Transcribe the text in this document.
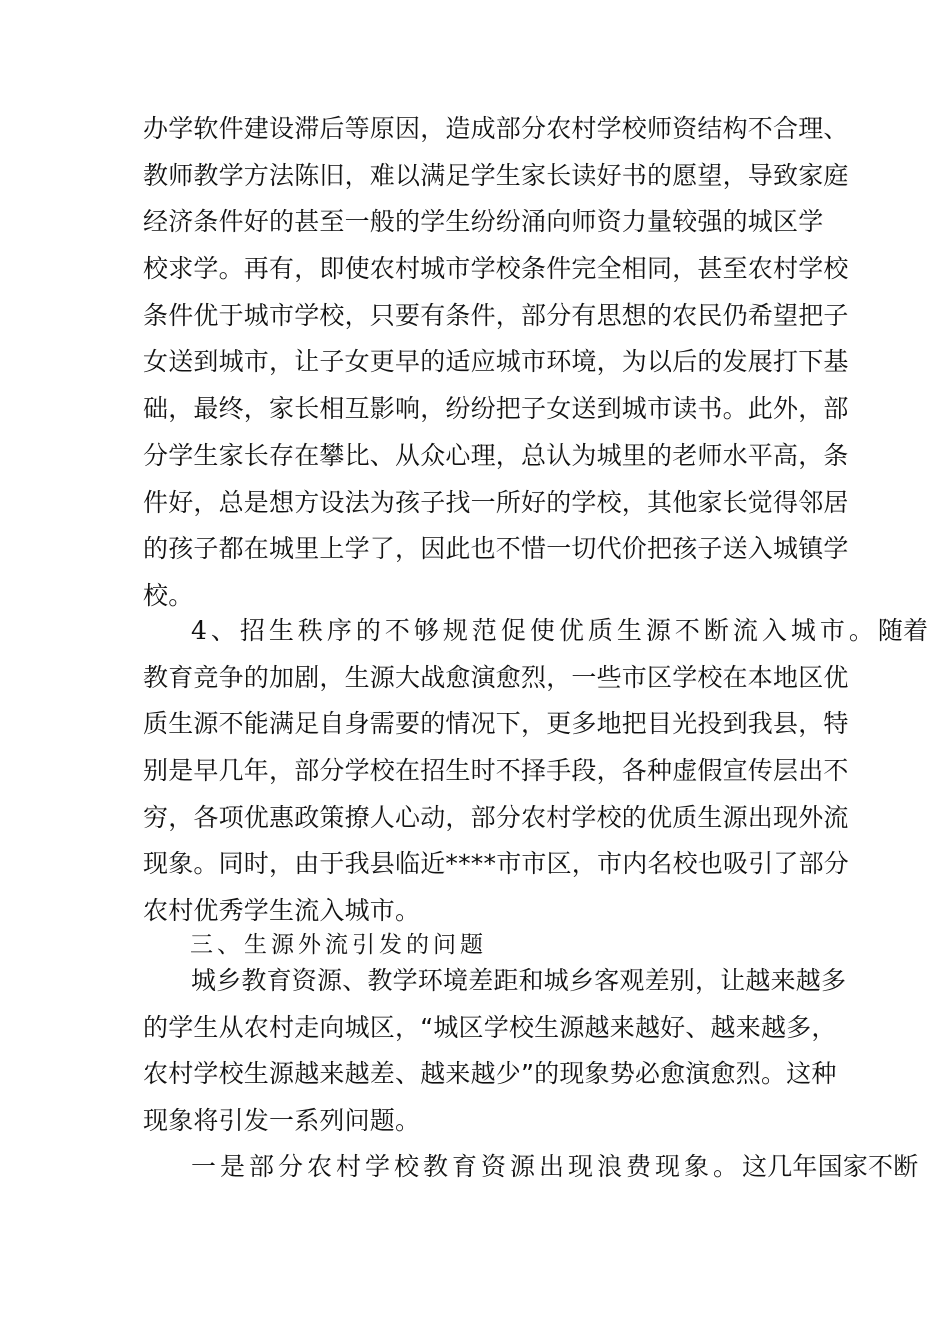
办学软件建设滞后等原因，造成部分农村学校师资结构不合理、
教师教学方法陈旧，难以满足学生家长读好书的愿望，导致家庭
经济条件好的甚至一般的学生纷纷涌向师资力量较强的城区学
校求学。再有，即使农村城市学校条件完全相同，甚至农村学校
条件优于城市学校，只要有条件，部分有思想的农民仍希望把子
女送到城市，让子女更早的适应城市环境，为以后的发展打下基
础，最终，家长相互影响，纷纷把子女送到城市读书。此外，部
分学生家长存在攀比、从众心理，总认为城里的老师水平高，条
件好，总是想方设法为孩子找一所好的学校，其他家长觉得邻居
的孩子都在城里上学了，因此也不惜一切代价把孩子送入城镇学
校。
4、招生秩序的不够规范促使优质生源不断流入城市。随着
教育竞争的加剧，生源大战愈演愈烈，一些市区学校在本地区优
质生源不能满足自身需要的情况下，更多地把目光投到我县，特
别是早几年，部分学校在招生时不择手段，各种虚假宣传层出不
穷，各项优惠政策撩人心动，部分农村学校的优质生源出现外流
现象。同时，由于我县临近****市市区，市内名校也吸引了部分
农村优秀学生流入城市。
三、生源外流引发的问题
城乡教育资源、教学环境差距和城乡客观差别，让越来越多
的学生从农村走向城区，“城区学校生源越来越好、越来越多，
农村学校生源越来越差、越来越少”的现象势必愈演愈烈。这种
现象将引发一系列问题。
一是部分农村学校教育资源出现浪费现象。这几年国家不断
